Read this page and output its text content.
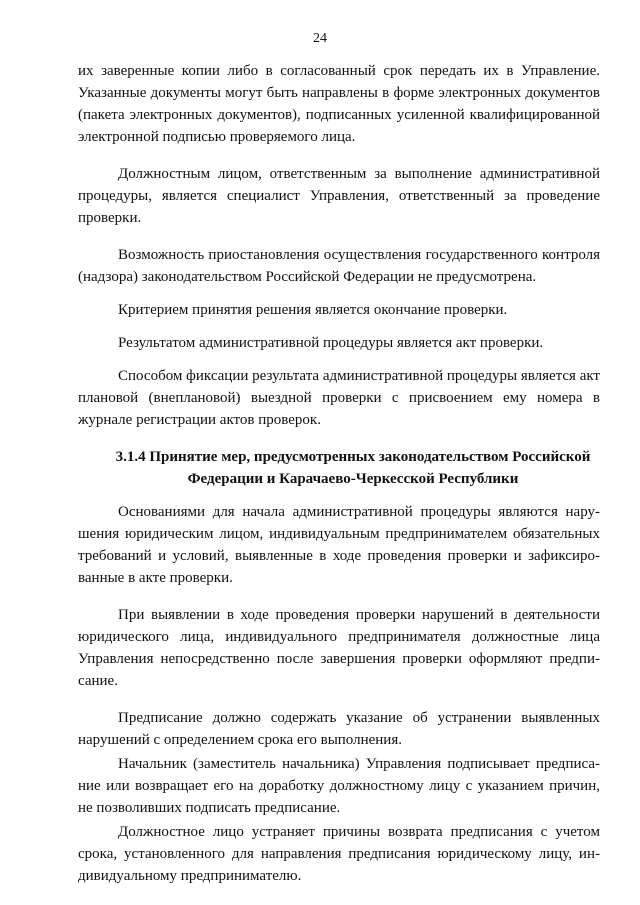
24

их заверенные копии либо в согласованный срок передать их в Управление. Указанные документы могут быть направлены в форме электронных документов (пакета электронных документов), подписанных усиленной квалифицированной электронной подписью проверяемого лица.

Должностным лицом, ответственным за выполнение административной процедуры, является специалист Управления, ответственный за проведение проверки.

Возможность приостановления осуществления государственного контроля (надзора) законодательством Российской Федерации не предусмотрена.

Критерием принятия решения является окончание проверки.

Результатом административной процедуры является акт проверки.

Способом фиксации результата административной процедуры является акт плановой (внеплановой) выездной проверки с присвоением ему номера в журнале регистрации актов проверок.

3.1.4 Принятие мер, предусмотренных законодательством Российской Федерации и Карачаево-Черкесской Республики

Основаниями для начала административной процедуры являются нарушения юридическим лицом, индивидуальным предпринимателем обязательных требований и условий, выявленные в ходе проведения проверки и зафиксированные в акте проверки.

При выявлении в ходе проведения проверки нарушений в деятельности юридического лица, индивидуального предпринимателя должностные лица Управления непосредственно после завершения проверки оформляют предписание.

Предписание должно содержать указание об устранении выявленных нарушений с определением срока его выполнения.

Начальник (заместитель начальника) Управления подписывает предписание или возвращает его на доработку должностному лицу с указанием причин, не позволивших подписать предписание.

Должностное лицо устраняет причины возврата предписания с учетом срока, установленного для направления предписания юридическому лицу, индивидуальному предпринимателю.
